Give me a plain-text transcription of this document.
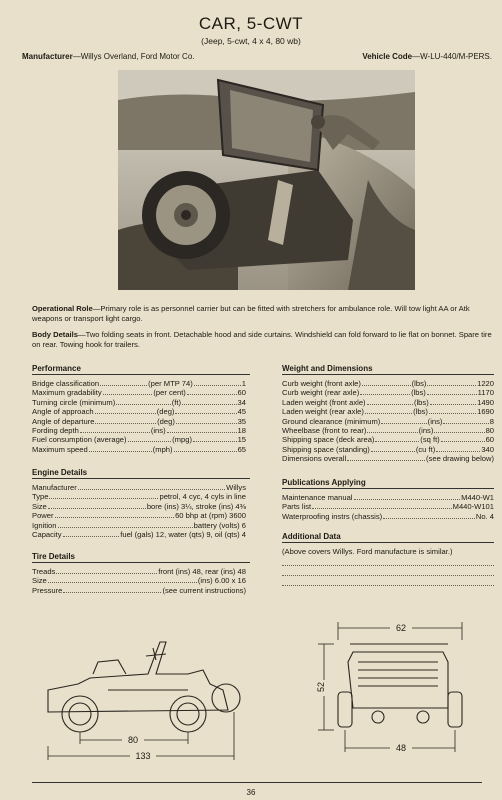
CAR, 5-CWT
(Jeep, 5-cwt, 4 x 4, 80 wb)
Manufacturer—Willys Overland, Ford Motor Co.	Vehicle Code—W-LU-440/M-PERS.
Operational Role—Primary role is as personnel carrier but can be fitted with stretchers for ambulance role. Will tow light AA or Atk weapons or transport light cargo.
Body Details—Two folding seats in front. Detachable hood and side curtains. Windshield can fold forward to lie flat on bonnet. Spare tire on rear. Towing hook for trailers.
Performance
Bridge classification	(per MTP 74)	1
Maximum gradability	(per cent)	60
Turning circle (minimum)	(ft)	34
Angle of approach	(deg)	45
Angle of departure	(deg)	35
Fording depth	(ins)	18
Fuel consumption (average)	(mpg)	15
Maximum speed	(mph)	65
Engine Details
Manufacturer	Willys
Type	petrol, 4 cyc, 4 cyls in line
Size	bore (ins) 3¼, stroke (ins) 4⅜
Power	60 bhp at (rpm) 3600
Ignition	battery (volts) 6
Capacity	fuel (gals) 12, water (qts) 9, oil (qts) 4
Tire Details
Treads	front (ins) 48, rear (ins) 48
Size	(ins) 6.00 x 16
Pressure	(see current instructions)
Weight and Dimensions
Curb weight (front axle)	(lbs)	1220
Curb weight (rear axle)	(lbs)	1170
Laden weight (front axle)	(lbs)	1490
Laden weight (rear axle)	(lbs)	1690
Ground clearance (minimum)	(ins)	8
Wheelbase (front to rear)	(ins)	80
Shipping space (deck area)	(sq ft)	60
Shipping space (standing)	(cu ft)	340
Dimensions overall	(see drawing below)
Publications Applying
Maintenance manual	M440-W1
Parts list	M440-W101
Waterproofing instrs (chassis)	No. 4
Additional Data
(Above covers Willys. Ford manufacture is similar.)
80
133
62
52
48
36
